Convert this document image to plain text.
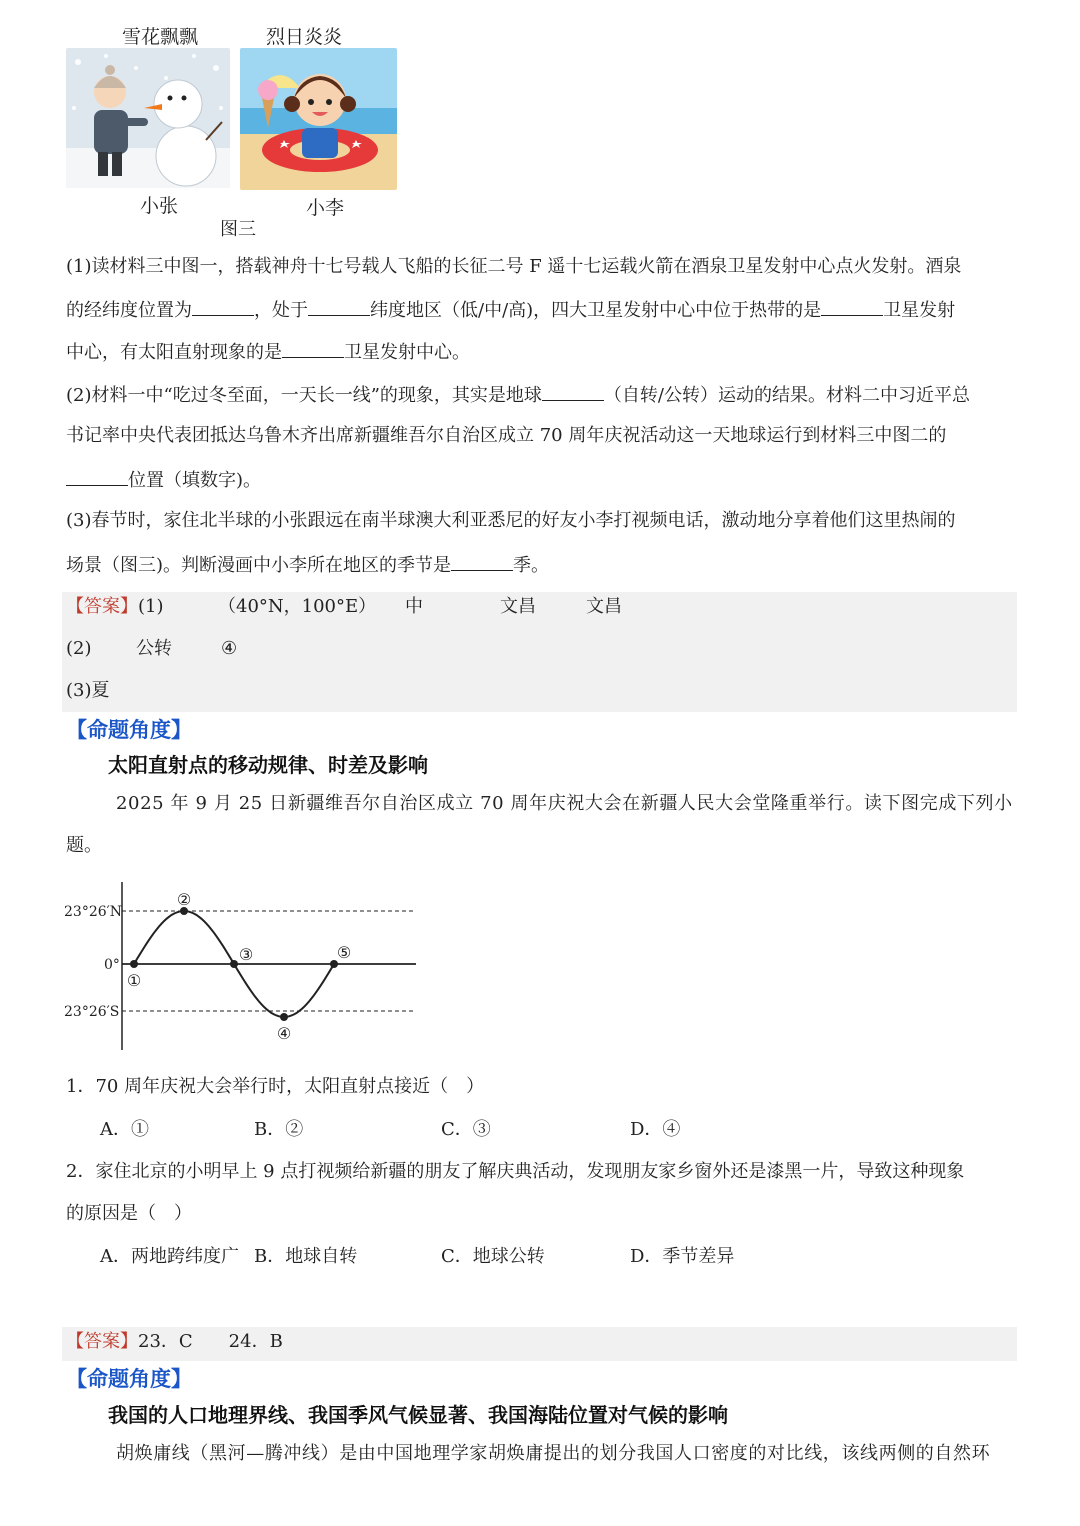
雪花飘飘	烈日炎炎
小张	小李
图三
(1)读材料三中图一，搭载神舟十七号载人飞船的长征二号 F 遥十七运载火箭在酒泉卫星发射中心点火发射。酒泉
的经纬度位置为	，处于	纬度地区（低/中/高)，四大卫星发射中心中位于热带的是	卫星发射
中心，有太阳直射现象的是	卫星发射中心。
(2)材料一中“吃过冬至面，一天长一线”的现象，其实是地球	（自转/公转）运动的结果。材料二中习近平总
书记率中央代表团抵达乌鲁木齐出席新疆维吾尔自治区成立 70 周年庆祝活动这一天地球运行到材料三中图二的
位置（填数字)。
(3)春节时，家住北半球的小张跟远在南半球澳大利亚悉尼的好友小李打视频电话，激动地分享着他们这里热闹的
场景（图三)。判断漫画中小李所在地区的季节是	季。
【答案】(1)	（40°N，100°E） 中	文昌	文昌
(2) 公转	④
(3)夏
【命题角度】
太阳直射点的移动规律、时差及影响
2025 年 9 月 25 日新疆维吾尔自治区成立 70 周年庆祝大会在新疆人民大会堂隆重举行。读下图完成下列小
题。
23°26′N
0°
23°26′S
①
②
③
④
⑤
1．70 周年庆祝大会举行时，太阳直射点接近（　）
A．①	B．②	C．③	D．④
2．家住北京的小明早上 9 点打视频给新疆的朋友了解庆典活动，发现朋友家乡窗外还是漆黑一片，导致这种现象
的原因是（　）
A．两地跨纬度广 B．地球自转	C．地球公转	D．季节差异
【答案】23．C　　24．B
【命题角度】
我国的人口地理界线、我国季风气候显著、我国海陆位置对气候的影响
胡焕庸线（黑河—腾冲线）是由中国地理学家胡焕庸提出的划分我国人口密度的对比线，该线两侧的自然环
